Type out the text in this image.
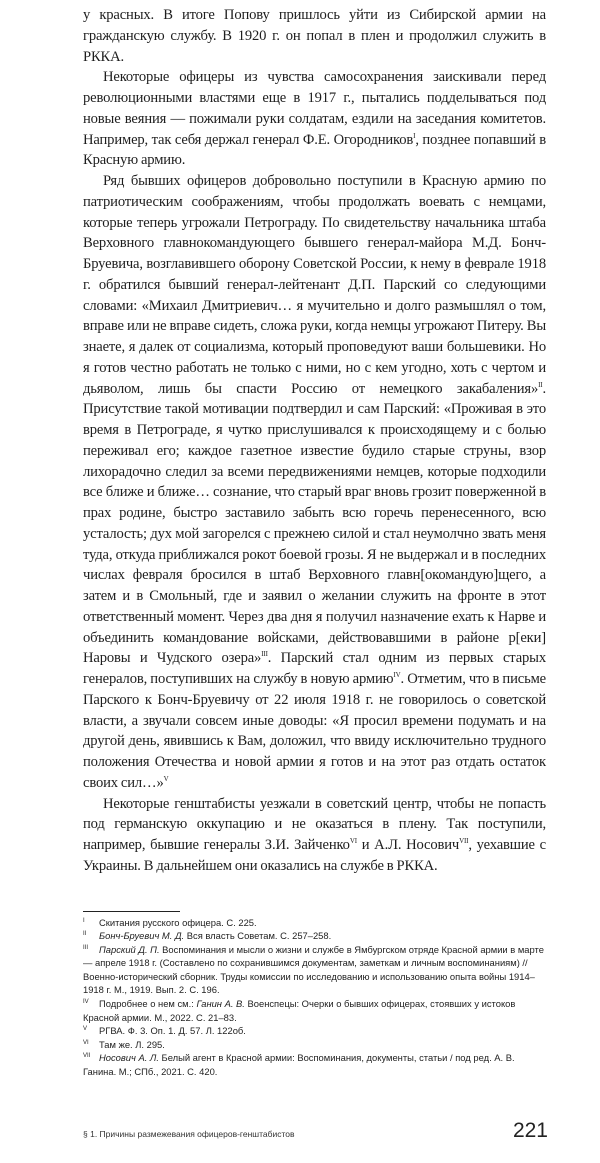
у красных. В итоге Попову пришлось уйти из Сибирской армии на гражданскую службу. В 1920 г. он попал в плен и продолжил служить в РККА.

Некоторые офицеры из чувства самосохранения заискивали перед революционными властями еще в 1917 г., пытались подделываться под новые веяния — пожимали руки солдатам, ездили на заседания комитетов. Например, так себя держал генерал Ф.Е. Огородников$^I$, позднее попавший в Красную армию.

Ряд бывших офицеров добровольно поступили в Красную армию по патриотическим соображениям, чтобы продолжать воевать с немцами, которые теперь угрожали Петрограду. По свидетельству начальника штаба Верховного главнокомандующего бывшего генерал-майора М.Д. Бонч-Бруевича, возглавившего оборону Советской России, к нему в феврале 1918 г. обратился бывший генерал-лейтенант Д.П. Парский со следующими словами: «Михаил Дмитриевич… я мучительно и долго размышлял о том, вправе или не вправе сидеть, сложа руки, когда немцы угрожают Питеру. Вы знаете, я далек от социализма, который проповедуют ваши большевики. Но я готов честно работать не только с ними, но с кем угодно, хоть с чертом и дьяволом, лишь бы спасти Россию от немецкого закабаления»$^{II}$. Присутствие такой мотивации подтвердил и сам Парский: «Проживая в это время в Петрограде, я чутко прислушивался к происходящему и с болью переживал его; каждое газетное известие будило старые струны, взор лихорадочно следил за всеми передвижениями немцев, которые подходили все ближе и ближе… сознание, что старый враг вновь грозит поверженной в прах родине, быстро заставило забыть всю горечь перенесенного, всю усталость; дух мой загорелся с прежнею силой и стал неумолчно звать меня туда, откуда приближался рокот боевой грозы. Я не выдержал и в последних числах февраля бросился в штаб Верховного главн[окомандую]щего, а затем и в Смольный, где и заявил о желании служить на фронте в этот ответственный момент. Через два дня я получил назначение ехать к Нарве и объединить командование войсками, действовавшими в районе р[еки] Наровы и Чудского озера»$^{III}$. Парский стал одним из первых старых генералов, поступивших на службу в новую армию$^{IV}$. Отметим, что в письме Парского к Бонч-Бруевичу от 22 июля 1918 г. не говорилось о советской власти, а звучали совсем иные доводы: «Я просил времени подумать и на другой день, явившись к Вам, доложил, что ввиду исключительно трудного положения Отечества и новой армии я готов и на этот раз отдать остаток своих сил…»$^V$

Некоторые генштабисты уезжали в советский центр, чтобы не попасть под германскую оккупацию и не оказаться в плену. Так поступили, например, бывшие генералы З.И. Зайченко$^{VI}$ и А.Л. Носович$^{VII}$, уехавшие с Украины. В дальнейшем они оказались на службе в РККА.

I Скитания русского офицера. С. 225.

II Бонч-Бруевич М. Д. Вся власть Советам. С. 257–258.

III Парский Д. П. Воспоминания и мысли о жизни и службе в Ямбургском отряде Красной армии в марте — апреле 1918 г. (Составлено по сохранившимся документам, заметкам и личным воспоминаниям) // Военно-исторический сборник. Труды комиссии по исследованию и использованию опыта войны 1914–1918 г. М., 1919. Вып. 2. С. 196.

IV Подробнее о нем см.: Ганин А. В. Военспецы: Очерки о бывших офицерах, стоявших у истоков Красной армии. М., 2022. С. 21–83.

V РГВА. Ф. 3. Оп. 1. Д. 57. Л. 122об.

VI Там же. Л. 295.

VII Носович А. Л. Белый агент в Красной армии: Воспоминания, документы, статьи / под ред. А. В. Ганина. М.; СПб., 2021. С. 420.

§ 1. Причины размежевания офицеров-генштабистов	221
